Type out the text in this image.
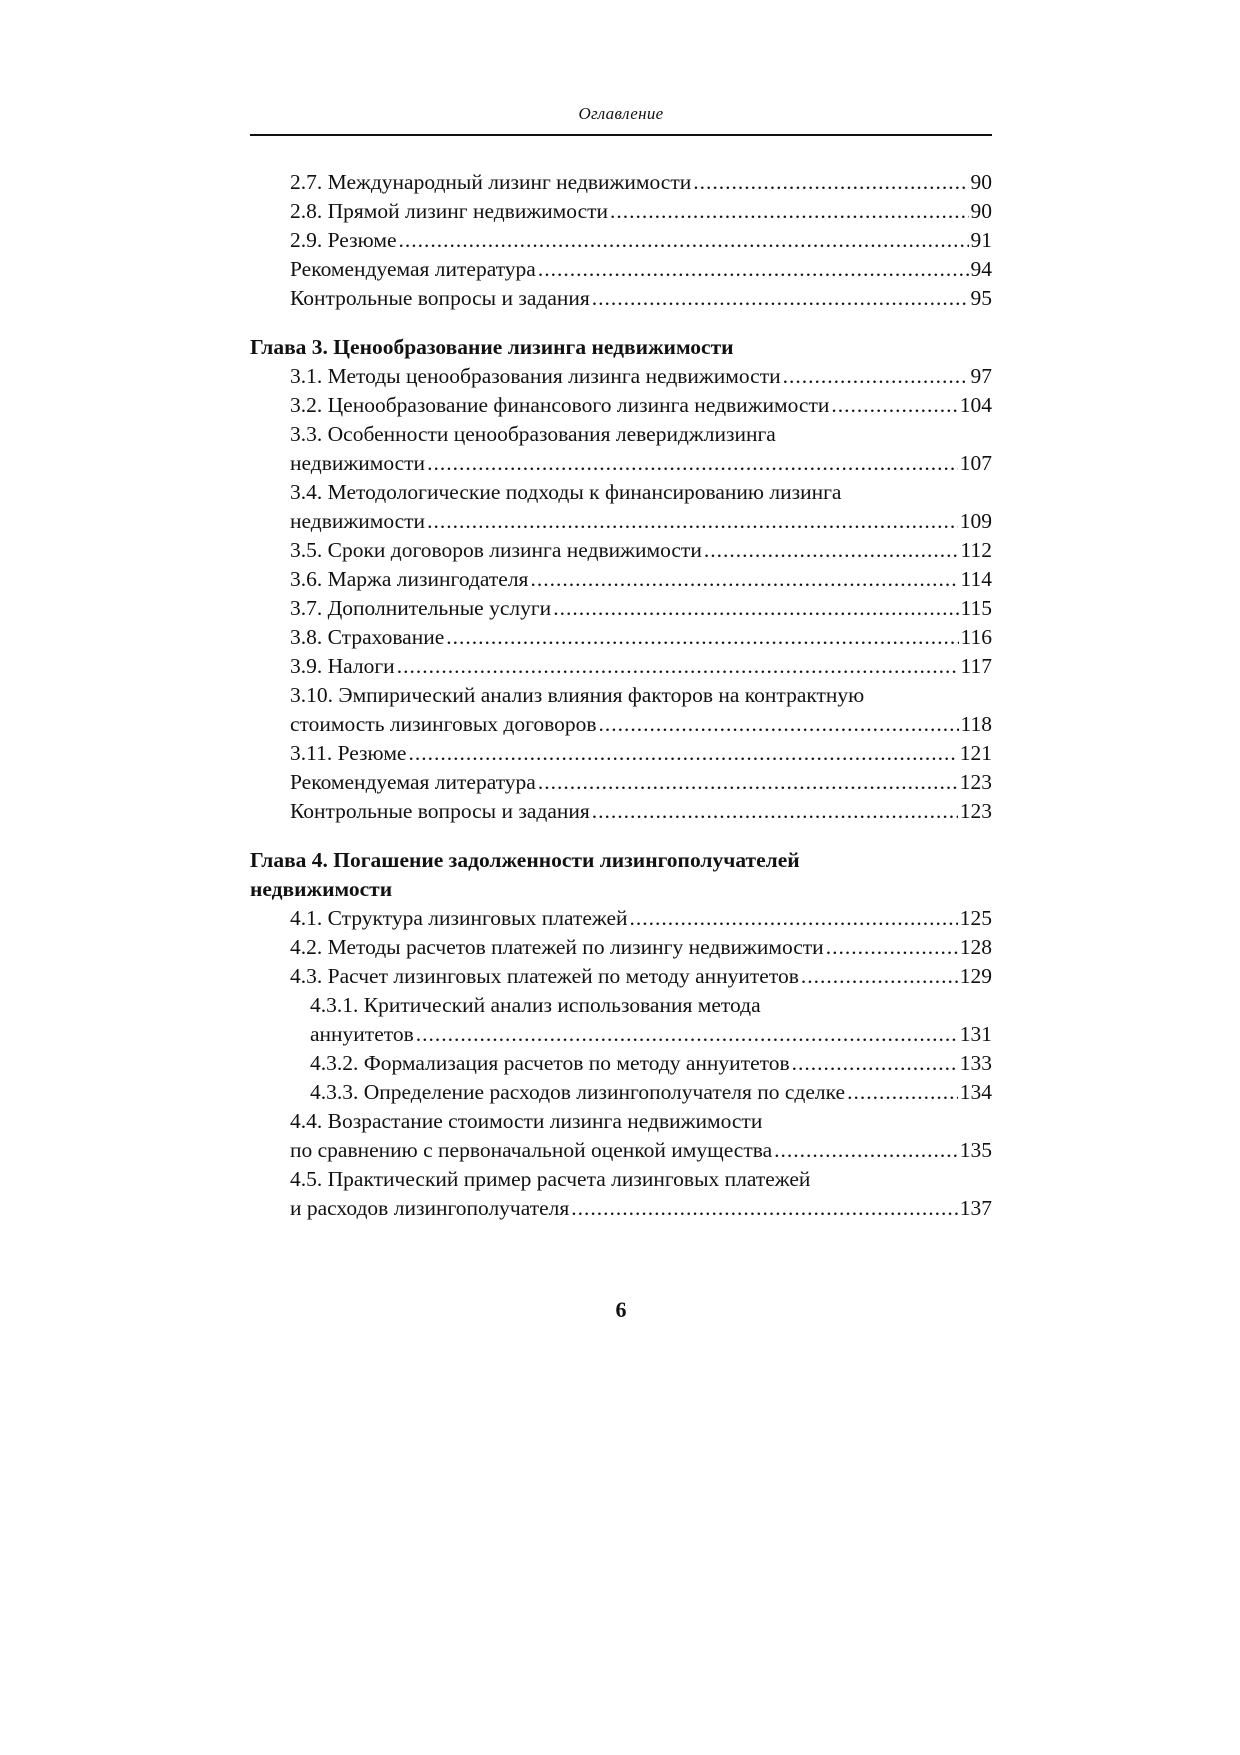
Оглавление
2.7. Международный лизинг недвижимости .....	90
2.8. Прямой лизинг недвижимости .....	90
2.9. Резюме .....	91
Рекомендуемая литература .....	94
Контрольные вопросы и задания .....	95
Глава 3. Ценообразование лизинга недвижимости
3.1. Методы ценообразования лизинга недвижимости .....	97
3.2. Ценообразование финансового лизинга недвижимости .....	104
3.3. Особенности ценообразования левериджлизинга
недвижимости .....	107
3.4. Методологические подходы к финансированию лизинга
недвижимости .....	109
3.5. Сроки договоров лизинга недвижимости .....	112
3.6. Маржа лизингодателя .....	114
3.7. Дополнительные услуги .....	115
3.8. Страхование .....	116
3.9. Налоги .....	117
3.10. Эмпирический анализ влияния факторов на контрактную
стоимость лизинговых договоров .....	118
3.11. Резюме .....	121
Рекомендуемая литература .....	123
Контрольные вопросы и задания .....	123
Глава 4. Погашение задолженности лизингополучателей
недвижимости
4.1. Структура лизинговых платежей .....	125
4.2. Методы расчетов платежей по лизингу недвижимости .....	128
4.3. Расчет лизинговых платежей по методу аннуитетов .....	129
4.3.1. Критический анализ использования метода
аннуитетов .....	131
4.3.2. Формализация расчетов по методу аннуитетов .....	133
4.3.3. Определение расходов лизингополучателя по сделке .....	134
4.4. Возрастание стоимости лизинга недвижимости
по сравнению с первоначальной оценкой имущества .....	135
4.5. Практический пример расчета лизинговых платежей
и расходов лизингополучателя .....	137
6
